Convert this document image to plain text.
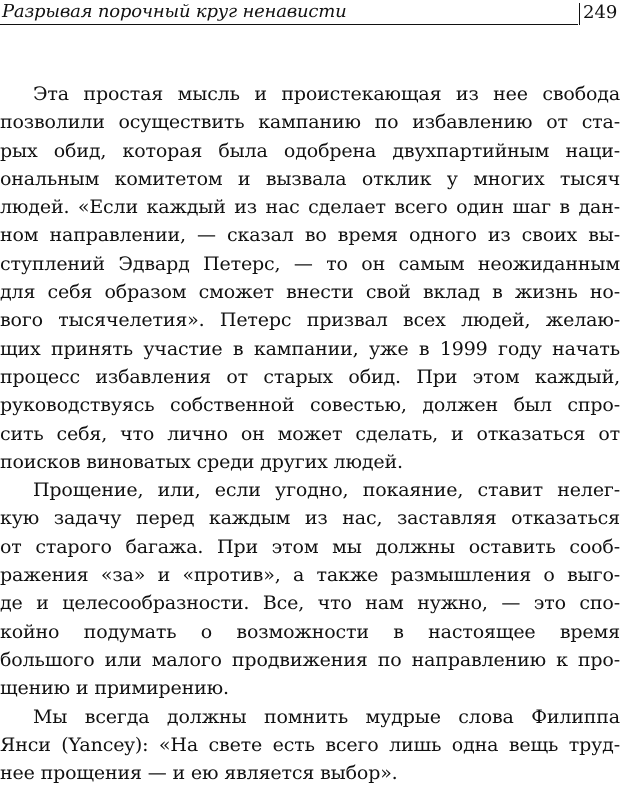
Разрывая порочный круг ненависти	249
Эта простая мысль и проистекающая из нее свобода
позволили осуществить кампанию по избавлению от ста-
рых обид, которая была одобрена двухпартийным наци-
ональным комитетом и вызвала отклик у многих тысяч
людей. «Если каждый из нас сделает всего один шаг в дан-
ном направлении, — сказал во время одного из своих вы-
ступлений Эдвард Петерс, — то он самым неожиданным
для себя образом сможет внести свой вклад в жизнь но-
вого тысячелетия». Петерс призвал всех людей, желаю-
щих принять участие в кампании, уже в 1999 году начать
процесс избавления от старых обид. При этом каждый,
руководствуясь собственной совестью, должен был спро-
сить себя, что лично он может сделать, и отказаться от
поисков виноватых среди других людей.
Прощение, или, если угодно, покаяние, ставит нелег-
кую задачу перед каждым из нас, заставляя отказаться
от старого багажа. При этом мы должны оставить сооб-
ражения «за» и «против», а также размышления о выго-
де и целесообразности. Все, что нам нужно, — это спо-
койно подумать о возможности в настоящее время
большого или малого продвижения по направлению к про-
щению и примирению.
Мы всегда должны помнить мудрые слова Филиппа
Янси (Yancey): «На свете есть всего лишь одна вещь труд-
нее прощения — и ею является выбор».
